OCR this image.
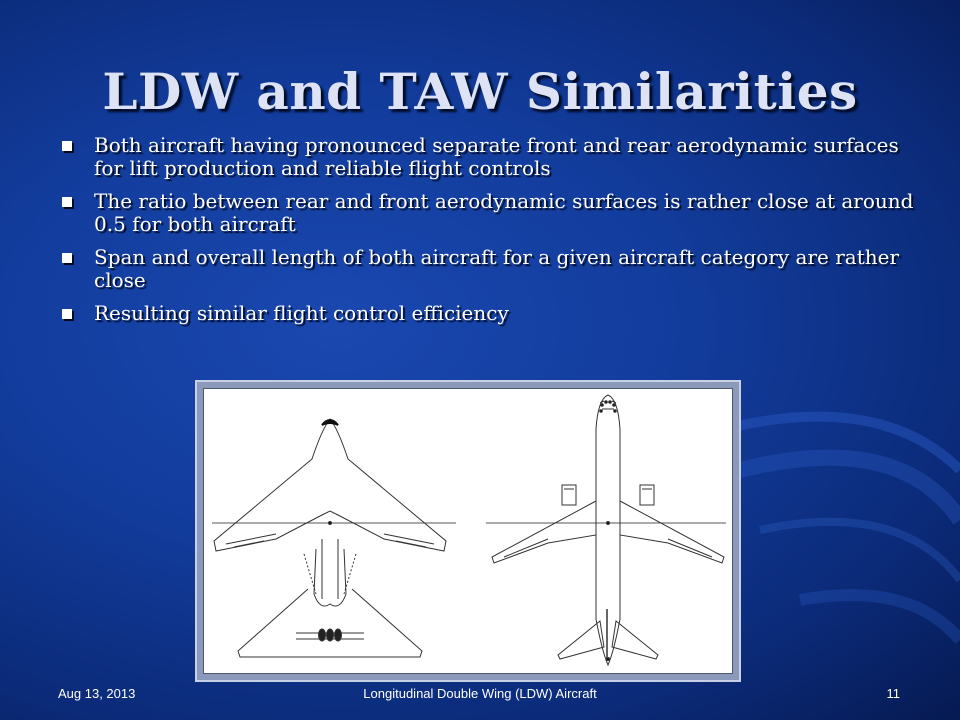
LDW and TAW Similarities
Both aircraft having pronounced separate front and rear aerodynamic surfaces for lift production and reliable flight controls
The ratio between rear and front aerodynamic surfaces is rather close at around 0.5 for both aircraft
Span and overall length of both aircraft for a given aircraft category are rather close
Resulting similar flight control efficiency
Aug 13, 2013	Longitudinal Double Wing (LDW) Aircraft	11
